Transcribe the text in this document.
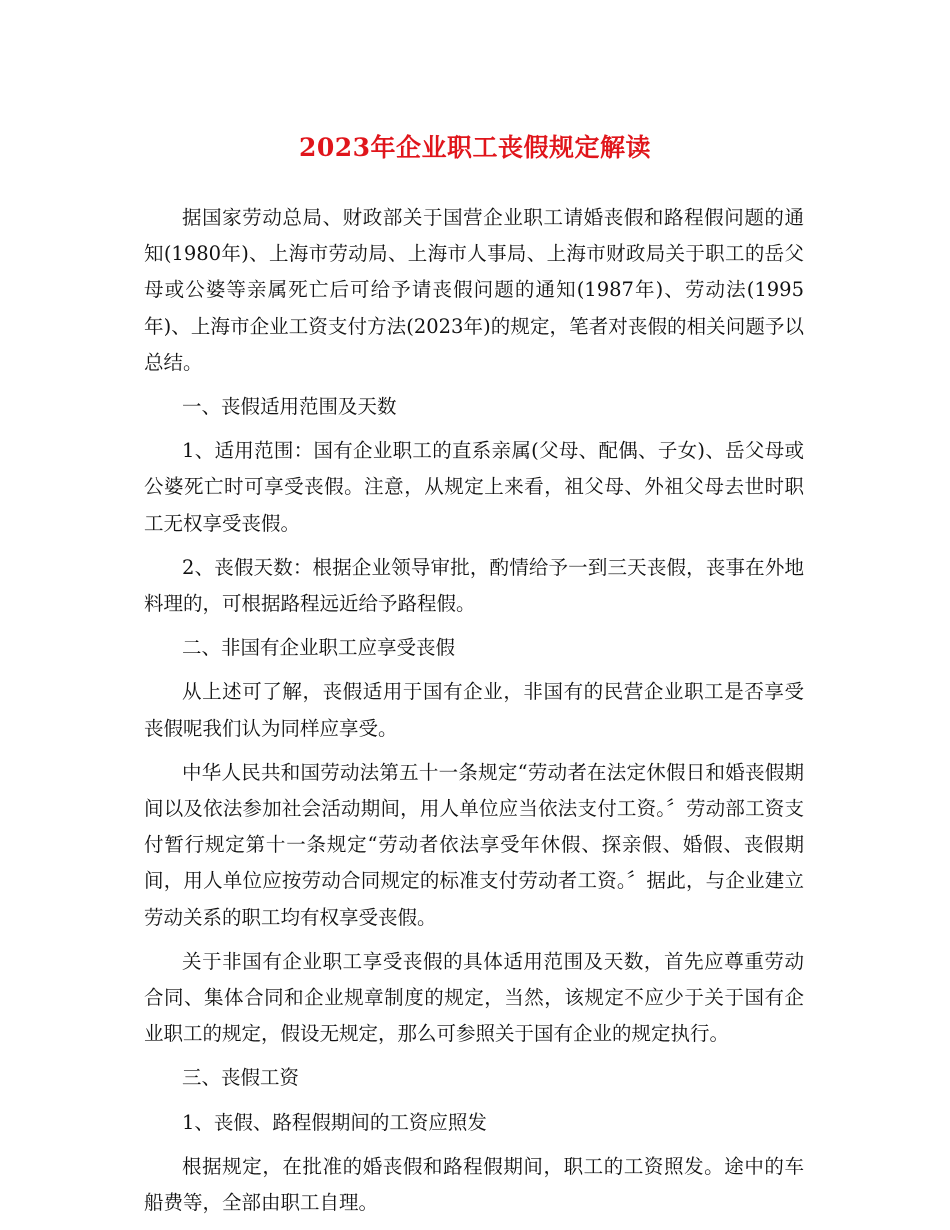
2023年企业职工丧假规定解读

据国家劳动总局、财政部关于国营企业职工请婚丧假和路程假问题的通知(1980年)、上海市劳动局、上海市人事局、上海市财政局关于职工的岳父母或公婆等亲属死亡后可给予请丧假问题的通知(1987年)、劳动法(1995年)、上海市企业工资支付方法(2023年)的规定，笔者对丧假的相关问题予以总结。

一、丧假适用范围及天数

1、适用范围：国有企业职工的直系亲属(父母、配偶、子女)、岳父母或公婆死亡时可享受丧假。注意，从规定上来看，祖父母、外祖父母去世时职工无权享受丧假。

2、丧假天数：根据企业领导审批，酌情给予一到三天丧假，丧事在外地料理的，可根据路程远近给予路程假。

二、非国有企业职工应享受丧假

从上述可了解，丧假适用于国有企业，非国有的民营企业职工是否享受丧假呢我们认为同样应享受。

中华人民共和国劳动法第五十一条规定“劳动者在法定休假日和婚丧假期间以及依法参加社会活动期间，用人单位应当依法支付工资。〞劳动部工资支付暂行规定第十一条规定“劳动者依法享受年休假、探亲假、婚假、丧假期间，用人单位应按劳动合同规定的标准支付劳动者工资。〞据此，与企业建立劳动关系的职工均有权享受丧假。

关于非国有企业职工享受丧假的具体适用范围及天数，首先应尊重劳动合同、集体合同和企业规章制度的规定，当然，该规定不应少于关于国有企业职工的规定，假设无规定，那么可参照关于国有企业的规定执行。

三、丧假工资

1、丧假、路程假期间的工资应照发

根据规定，在批准的婚丧假和路程假期间，职工的工资照发。途中的车船费等，全部由职工自理。
